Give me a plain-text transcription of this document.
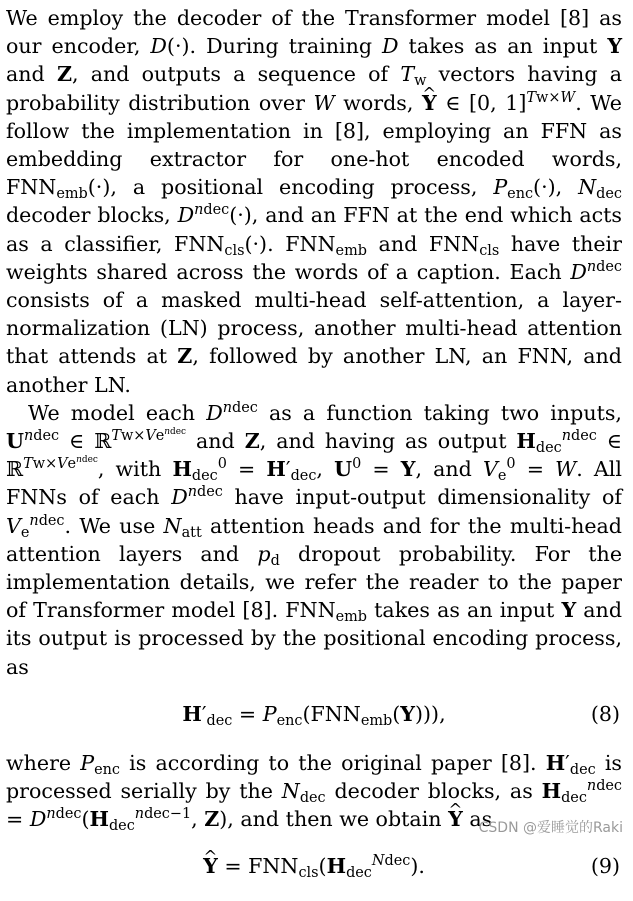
We employ the decoder of the Transformer model [8] as our encoder, D(·). During training D takes as an input Y and Z, and outputs a sequence of $T_w$ vectors having a probability distribution over W words, ^ Y ∈ [0, 1]$^{Tw\times W}$. We follow the implementation in [8], employing an FFN as embedding extractor for one-hot encoded words, $FNN_{emb}(\cdot)$, a positional encoding process, $P_{enc}(\cdot)$, $N_{dec}$ decoder blocks, $D^{ndec}(\cdot)$, and an FFN at the end which acts as a classifier, $FNN_{cls}(\cdot)$. $FNN_{emb}$ and $FNN_{cls}$ have their weights shared across the words of a caption. Each $D^{ndec}$ consists of a masked multi-head self-attention, a layer-normalization (LN) process, another multi-head attention that attends at Z, followed by another LN, an FNN, and another LN.

We model each $D^{ndec}$ as a function taking two inputs, $U^{ndec}$ ∈ ℝ$^{Tw\times Ve^{ndec}}$ and Z, and having as output $H_{dec}^{ndec}$ ∈ ℝ$^{Tw\times Ve^{ndec}}$, with $H_{dec}^0 = H'_{dec}$, $U^0 = Y$, and $V_e^0 = W$. All FNNs of each $D^{ndec}$ have input-output dimensionality of $V_e^{ndec}$. We use $N_{att}$ attention heads and for the multi-head attention layers and $p_d$ dropout probability. For the implementation details, we refer the reader to the paper of Transformer model [8]. $FNN_{emb}$ takes as an input Y and its output is processed by the positional encoding process, as

$H'_{dec} = P_{enc}(FNN_{emb}(Y))$),	(8)

where $P_{enc}$ is according to the original paper [8]. $H'_{dec}$ is processed serially by the $N_{dec}$ decoder blocks, as $H_{dec}^{ndec} = D^{ndec}(H_{dec}^{ndec-1}$, Z), and then we obtain ^ Y as

^ $Y = FNN_{cls}(H_{dec}^{Ndec})$.	(9)
CSDN @爱睡觉的Raki
